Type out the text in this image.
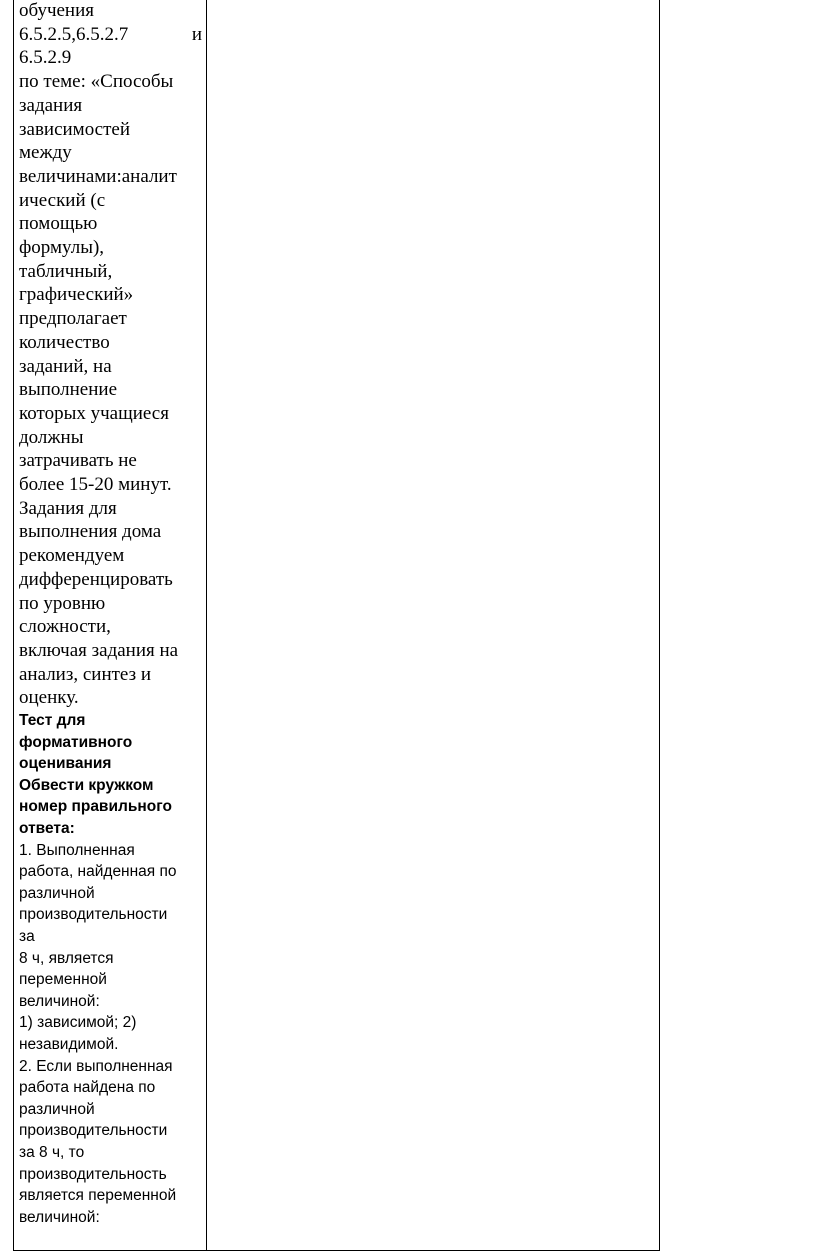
обучения
6.5.2.5,6.5.2.7	и
6.5.2.9
по теме: «Способы
задания
зависимостей
между
величинами:аналит
ический (с
помощью
формулы),
табличный,
графический»
предполагает
количество
заданий, на
выполнение
которых учащиеся
должны
затрачивать не
более 15-20 минут.
Задания для
выполнения дома
рекомендуем
дифференцировать
по уровню
сложности,
включая задания на
анализ, синтез и
оценку.
Тест для
формативного
оценивания
Обвести кружком
номер правильного
ответа:
1. Выполненная
работа, найденная по
различной
производительности
за
8 ч, является
переменной
величиной:
1) зависимой; 2)
незавидимой.
2. Если выполненная
работа найдена по
различной
производительности
за 8 ч, то
производительность
является переменной
величиной:
